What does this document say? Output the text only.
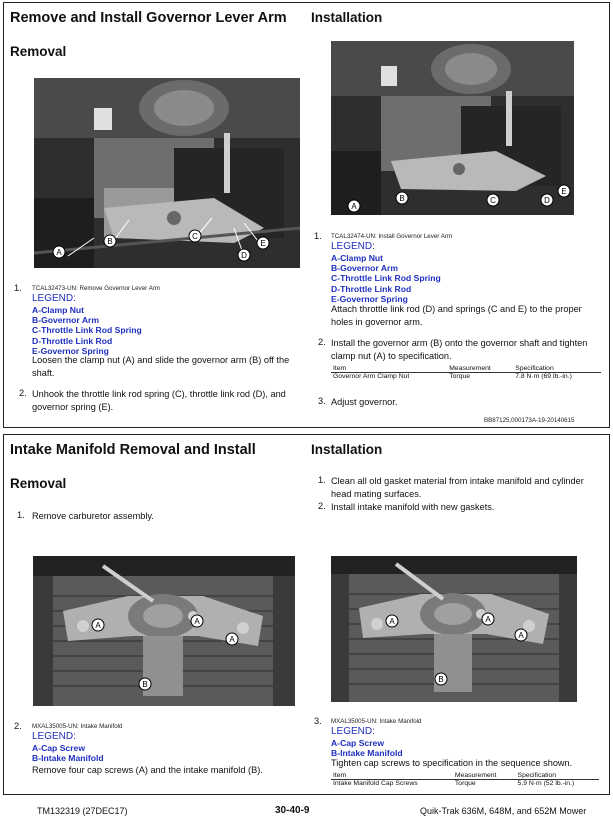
Remove and Install Governor Lever Arm
Removal
A
B
C
D
E
1. TCAL32473-UN: Remove Governor Lever Arm
LEGEND:
A-Clamp Nut
B-Governor Arm
C-Throttle Link Rod Spring
D-Throttle Link Rod
E-Governor Spring
Loosen the clamp nut (A) and slide the governor arm (B) off the shaft.
2. Unhook the throttle link rod spring (C), throttle link rod (D), and governor spring (E).
Installation
A
B	C	D
E
1. TCAL32474-UN: Install Governor Lever Arm
LEGEND:
A-Clamp Nut
B-Governor Arm
C-Throttle Link Rod Spring
D-Throttle Link Rod
E-Governor Spring
Attach throttle link rod (D) and springs (C and E) to the proper holes in governor arm.
2. Install the governor arm (B) onto the governor shaft and tighten clamp nut (A) to specification.
Item	Measurement	Specification
Governor Arm Clamp Nut	Torque	7.8 N·m (69 lb.-in.)
3. Adjust governor.
BB87125,000173A-19-20140615
Intake Manifold Removal and Install
Removal
1. Remove carburetor assembly.
A	A
A
B
2. MXAL35005-UN: Intake Manifold
LEGEND:
A-Cap Screw
B-Intake Manifold
Remove four cap screws (A) and the intake manifold (B).
Installation
1. Clean all old gasket material from intake manifold and cylinder head mating surfaces.
2. Install intake manifold with new gaskets.
A	A
A
B
3. MXAL35005-UN: Intake Manifold
LEGEND:
A-Cap Screw
B-Intake Manifold
Tighten cap screws to specification in the sequence shown.
Item	Measurement	Specification
Intake Manifold Cap Screws	Torque	5.9 N·m (52 lb.-in.)
TM132319 (27DEC17)	30-40-9	Quik-Trak 636M, 648M, and 652M Mower
